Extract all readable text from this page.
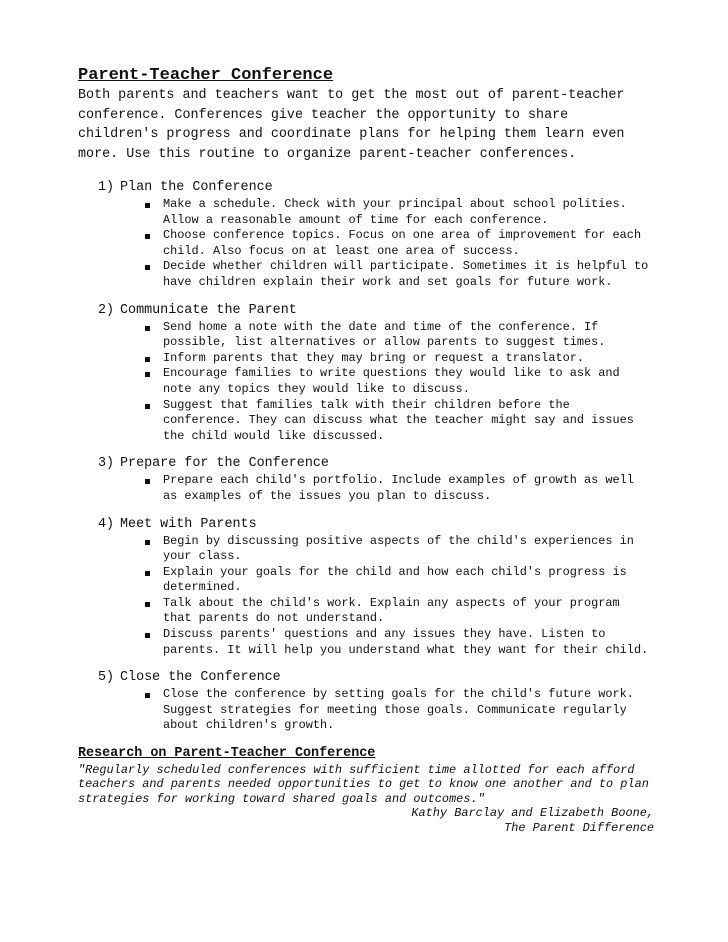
Parent-Teacher Conference

Both parents and teachers want to get the most out of parent-teacher conference. Conferences give teacher the opportunity to share children's progress and coordinate plans for helping them learn even more. Use this routine to organize parent-teacher conferences.

1) Plan the Conference
Make a schedule. Check with your principal about school polities. Allow a reasonable amount of time for each conference.
Choose conference topics. Focus on one area of improvement for each child. Also focus on at least one area of success.
Decide whether children will participate. Sometimes it is helpful to have children explain their work and set goals for future work.
2) Communicate the Parent
Send home a note with the date and time of the conference. If possible, list alternatives or allow parents to suggest times.
Inform parents that they may bring or request a translator.
Encourage families to write questions they would like to ask and note any topics they would like to discuss.
Suggest that families talk with their children before the conference. They can discuss what the teacher might say and issues the child would like discussed.
3) Prepare for the Conference
Prepare each child's portfolio. Include examples of growth as well as examples of the issues you plan to discuss.
4) Meet with Parents
Begin by discussing positive aspects of the child's experiences in your class.
Explain your goals for the child and how each child's progress is determined.
Talk about the child's work. Explain any aspects of your program that parents do not understand.
Discuss parents' questions and any issues they have. Listen to parents. It will help you understand what they want for their child.
5) Close the Conference
Close the conference by setting goals for the child's future work. Suggest strategies for meeting those goals. Communicate regularly about children's growth.
Research on Parent-Teacher Conference

"Regularly scheduled conferences with sufficient time allotted for each afford teachers and parents needed opportunities to get to know one another and to plan strategies for working toward shared goals and outcomes."

Kathy Barclay and Elizabeth Boone,

The Parent Difference
